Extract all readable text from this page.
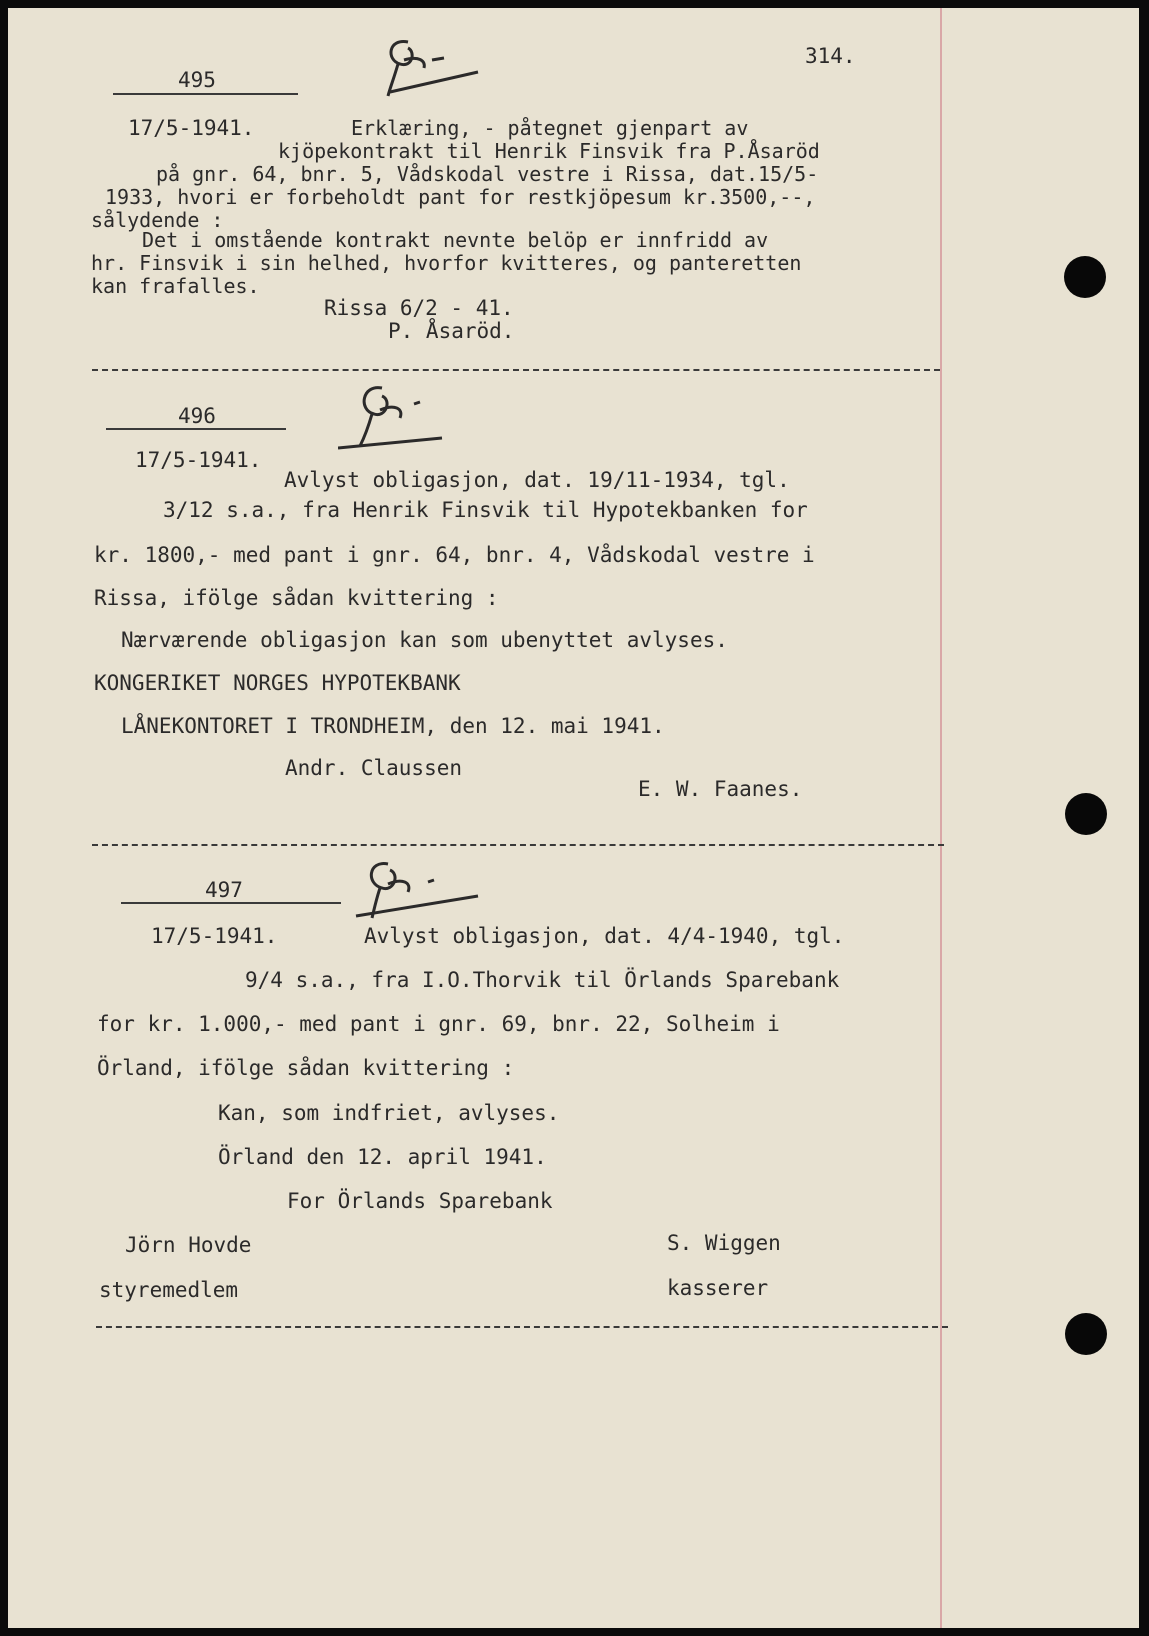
314.
495
17/5-1941.	Erklæring, - påtegnet gjenpart av
kjöpekontrakt til Henrik Finsvik fra P.Åsaröd
på gnr. 64, bnr. 5, Vådskodal vestre i Rissa, dat.15/5-
1933, hvori er forbeholdt pant for restkjöpesum kr.3500,--,
sålydende :
Det i omstående kontrakt nevnte belöp er innfridd av
hr. Finsvik i sin helhed, hvorfor kvitteres, og panteretten
kan frafalles.
Rissa 6/2 - 41.
P. Åsaröd.
496
17/5-1941.
Avlyst obligasjon, dat. 19/11-1934, tgl.
3/12 s.a., fra Henrik Finsvik til Hypotekbanken for
kr. 1800,- med pant i gnr. 64, bnr. 4, Vådskodal vestre i
Rissa, ifölge sådan kvittering :
Nærværende obligasjon kan som ubenyttet avlyses.
KONGERIKET NORGES HYPOTEKBANK
LÅNEKONTORET I TRONDHEIM, den 12. mai 1941.
Andr. Claussen
E. W. Faanes.
497
17/5-1941.	Avlyst obligasjon, dat. 4/4-1940, tgl.
9/4 s.a., fra I.O.Thorvik til Örlands Sparebank
for kr. 1.000,- med pant i gnr. 69, bnr. 22, Solheim i
Örland, ifölge sådan kvittering :
Kan, som indfriet, avlyses.
Örland den 12. april 1941.
For Örlands Sparebank
Jörn Hovde	S. Wiggen
styremedlem	kasserer
